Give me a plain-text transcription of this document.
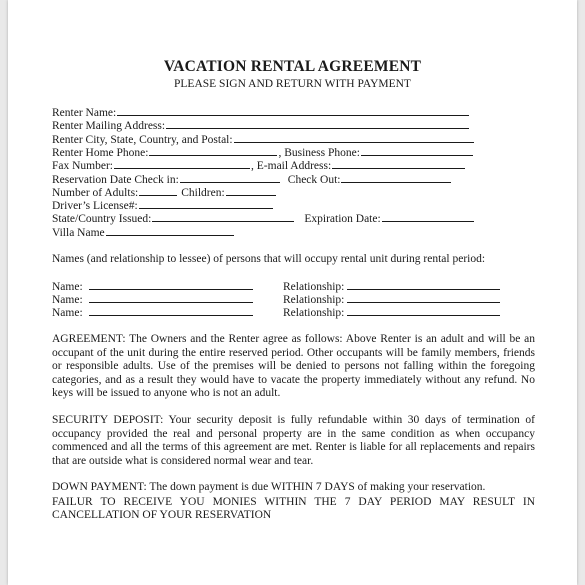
VACATION RENTAL AGREEMENT
PLEASE SIGN AND RETURN WITH PAYMENT
Renter Name:
Renter Mailing Address:
Renter City, State, Country, and Postal:
Renter Home Phone:	, Business Phone:
Fax Number:	, E-mail Address:
Reservation Date Check in:	Check Out:
Number of Adults:	Children:
Driver’s License#:
State/Country Issued:	Expiration Date:
Villa Name
Names (and relationship to lessee) of persons that will occupy rental unit during rental period:
Name:	Relationship:
Name:	Relationship:
Name:	Relationship:
AGREEMENT: The Owners and the Renter agree as follows: Above Renter is an adult and will be an occupant of the unit during the entire reserved period. Other occupants will be family members, friends or responsible adults. Use of the premises will be denied to persons not falling within the foregoing categories, and as a result they would have to vacate the property immediately without any refund. No keys will be issued to anyone who is not an adult.
SECURITY DEPOSIT: Your security deposit is fully refundable within 30 days of termination of occupancy provided the real and personal property are in the same condition as when occupancy commenced and all the terms of this agreement are met. Renter is liable for all replacements and repairs that are outside what is considered normal wear and tear.
DOWN PAYMENT: The down payment is due WITHIN 7 DAYS of making your reservation.
FAILUR TO RECEIVE YOU MONIES WITHIN THE 7 DAY PERIOD MAY RESULT IN CANCELLATION OF YOUR RESERVATION
